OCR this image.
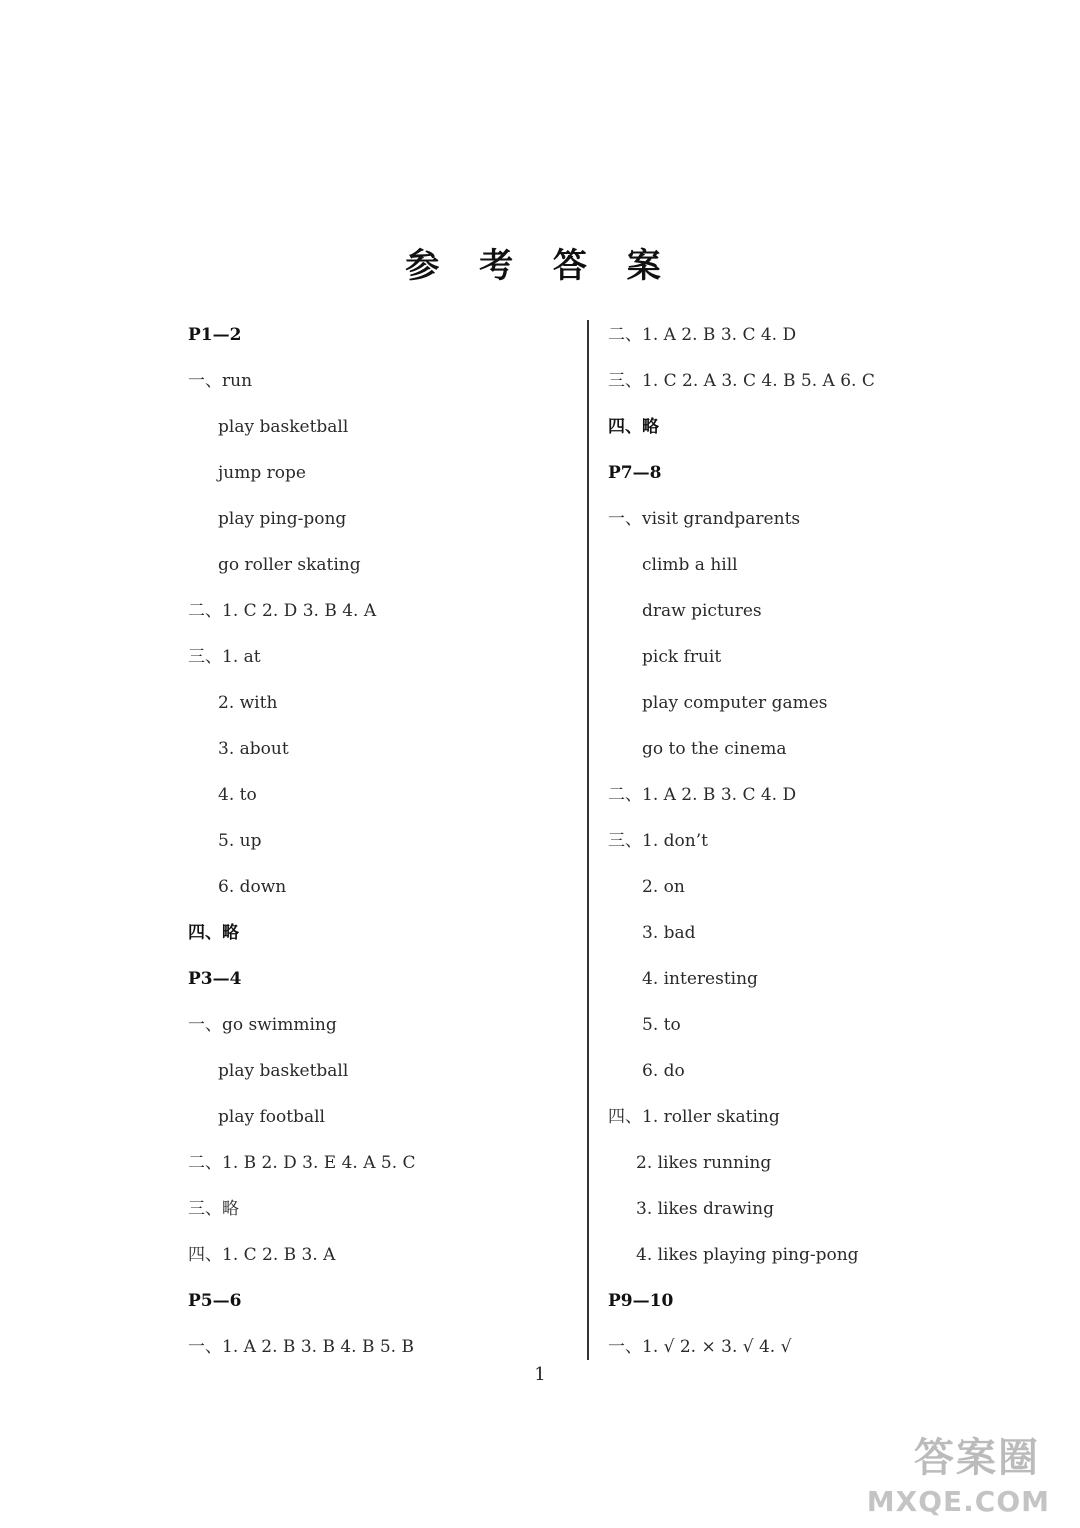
参 考 答 案
P1—2
一、run
play basketball
jump rope
play ping-pong
go roller skating
二、1. C 2. D 3. B 4. A
三、1. at
2. with
3. about
4. to
5. up
6. down
四、略
P3—4
一、go swimming
play basketball
play football
二、1. B 2. D 3. E 4. A 5. C
三、略
四、1. C 2. B 3. A
P5—6
一、1. A 2. B 3. B 4. B 5. B
二、1. A 2. B 3. C 4. D
三、1. C 2. A 3. C 4. B 5. A 6. C
四、略
P7—8
一、visit grandparents
climb a hill
draw pictures
pick fruit
play computer games
go to the cinema
二、1. A 2. B 3. C 4. D
三、1. don’t
2. on
3. bad
4. interesting
5. to
6. do
四、1. roller skating
2. likes running
3. likes drawing
4. likes playing ping-pong
P9—10
一、1. √ 2. × 3. √ 4. √
1
答案圈
MXQE.COM
